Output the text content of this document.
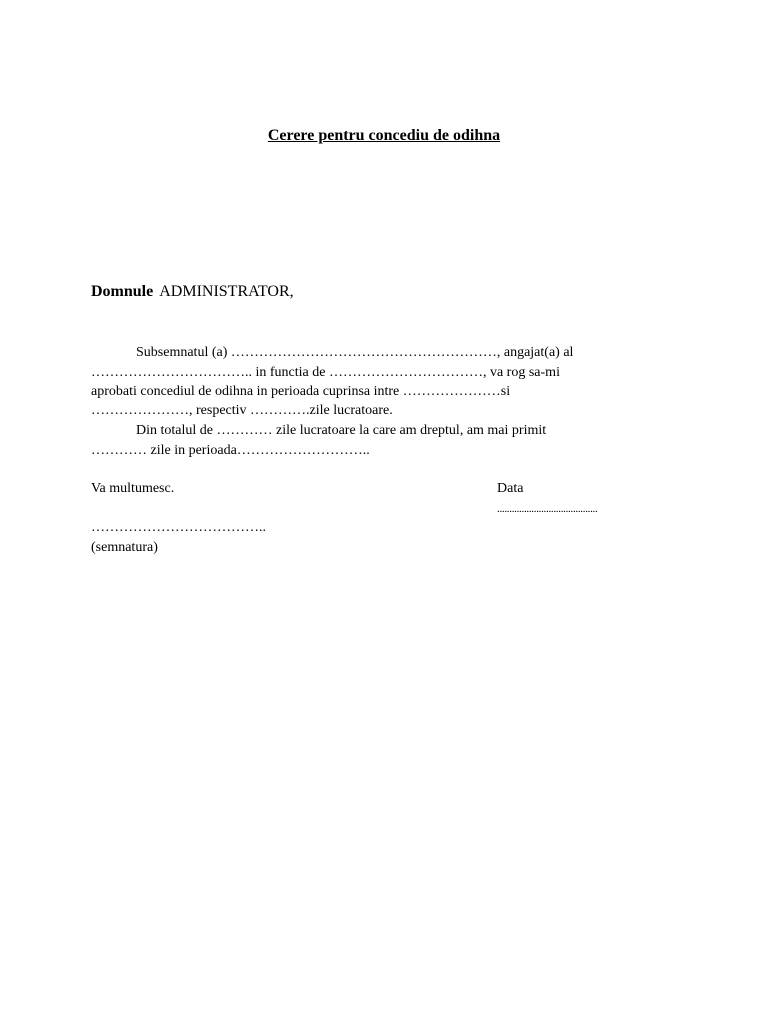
Cerere pentru concediu de odihna
Domnule ADMINISTRATOR,
Subsemnatul (a) …………………………………………………, angajat(a) al
…………………………….. in functia de ……………………………, va rog sa-mi
aprobati concediul de odihna in perioada cuprinsa intre …………………si
…………………, respectiv ………….zile lucratoare.
Din totalul de ………… zile lucratoare la care am dreptul, am mai primit
………… zile in perioada………………………..
Va multumesc.
………………………………..
(semnatura)
Data
.........................................
